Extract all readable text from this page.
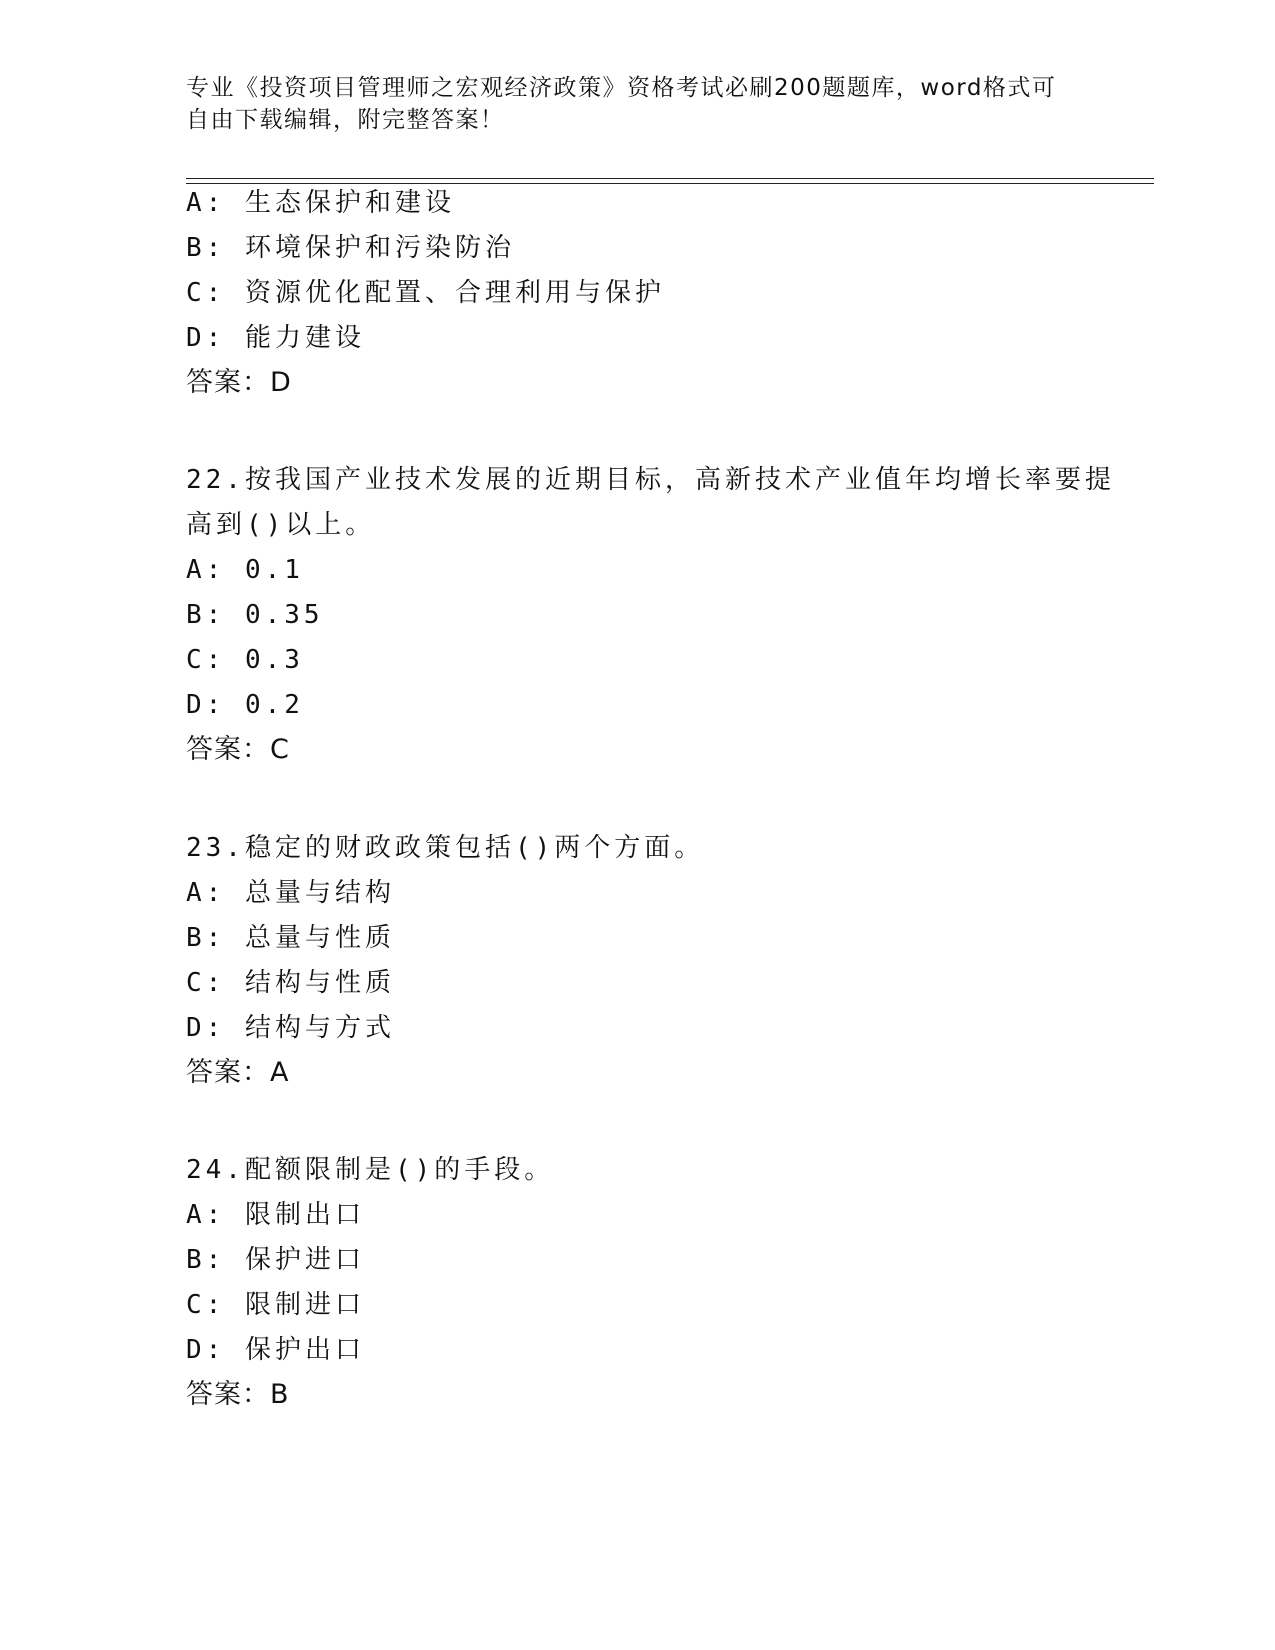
专业《投资项目管理师之宏观经济政策》资格考试必刷200题题库，word格式可
自由下载编辑，附完整答案！
A: 生态保护和建设
B: 环境保护和污染防治
C: 资源优化配置、合理利用与保护
D: 能力建设
答案：D
22.按我国产业技术发展的近期目标，高新技术产业值年均增长率要提
高到()以上。
A: 0.1
B: 0.35
C: 0.3
D: 0.2
答案：C
23.稳定的财政政策包括()两个方面。
A: 总量与结构
B: 总量与性质
C: 结构与性质
D: 结构与方式
答案：A
24.配额限制是()的手段。
A: 限制出口
B: 保护进口
C: 限制进口
D: 保护出口
答案：B
